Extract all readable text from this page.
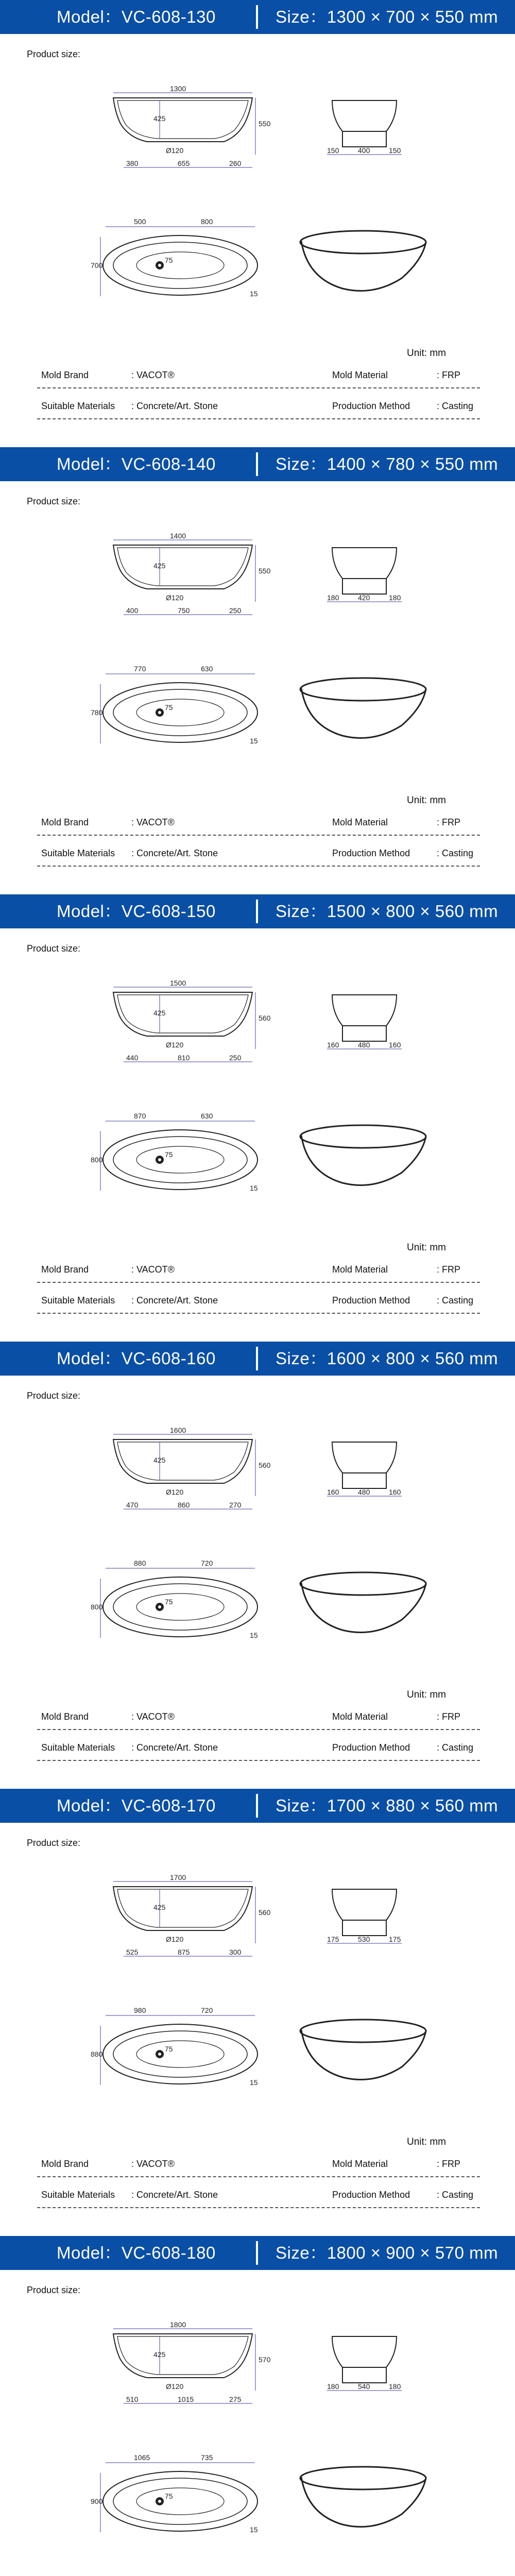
Model：VC-608-130	Size：1300 × 700 × 550 mm
Product size:
1300
550
425
Ø120
380	655	260
150	400	150
500	800
700
75
15
Unit: mm
Mold Brand	: VACOT®	Mold Material	: FRP
Suitable Materials : Concrete/Art. Stone	Production Method	: Casting
Model：VC-608-140	Size：1400 × 780 × 550 mm
Product size:
1400
550
425
Ø120
400	750	250
180	420	180
770	630
780
75
15
Unit: mm
Mold Brand	: VACOT®	Mold Material	: FRP
Suitable Materials : Concrete/Art. Stone	Production Method	: Casting
Model：VC-608-150	Size：1500 × 800 × 560 mm
Product size:
1500
560
425
Ø120
440	810	250
160	480	160
870	630
800
75
15
Unit: mm
Mold Brand	: VACOT®	Mold Material	: FRP
Suitable Materials : Concrete/Art. Stone	Production Method	: Casting
Model：VC-608-160	Size：1600 × 800 × 560 mm
Product size:
1600
560
425
Ø120
470	860	270
160	480	160
880	720
800
75
15
Unit: mm
Mold Brand	: VACOT®	Mold Material	: FRP
Suitable Materials : Concrete/Art. Stone	Production Method	: Casting
Model：VC-608-170	Size：1700 × 880 × 560 mm
Product size:
1700
560
425
Ø120
525	875	300
175	530	175
980	720
880
75
15
Unit: mm
Mold Brand	: VACOT®	Mold Material	: FRP
Suitable Materials : Concrete/Art. Stone	Production Method	: Casting
Model：VC-608-180	Size：1800 × 900 × 570 mm
Product size:
1800
570
425
Ø120
510	1015	275
180	540	180
1065	735
900
75
15
